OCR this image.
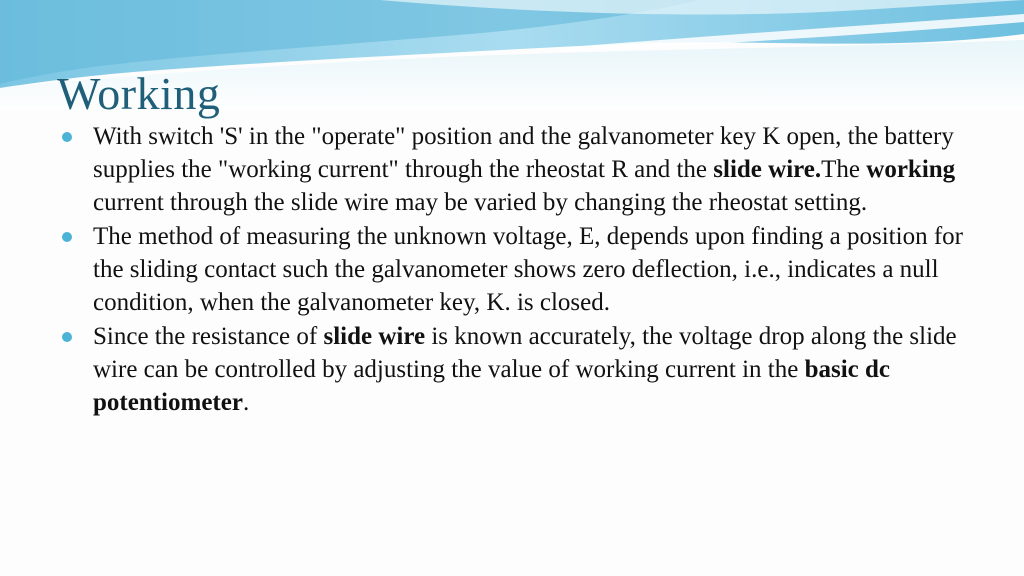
Working
With switch 'S' in the "operate" position and the galvanometer key K open, the battery supplies the "working current" through the rheostat R and the slide wire.The working current through the slide wire may be varied by changing the rheostat setting.
The method of measuring the unknown voltage, E, depends upon finding a position for the sliding contact such the galvanometer shows zero deflection, i.e., indicates a null condition, when the galvanometer key, K. is closed.
Since the resistance of slide wire is known accurately, the voltage drop along the slide wire can be controlled by adjusting the value of working current in the basic dc potentiometer.
